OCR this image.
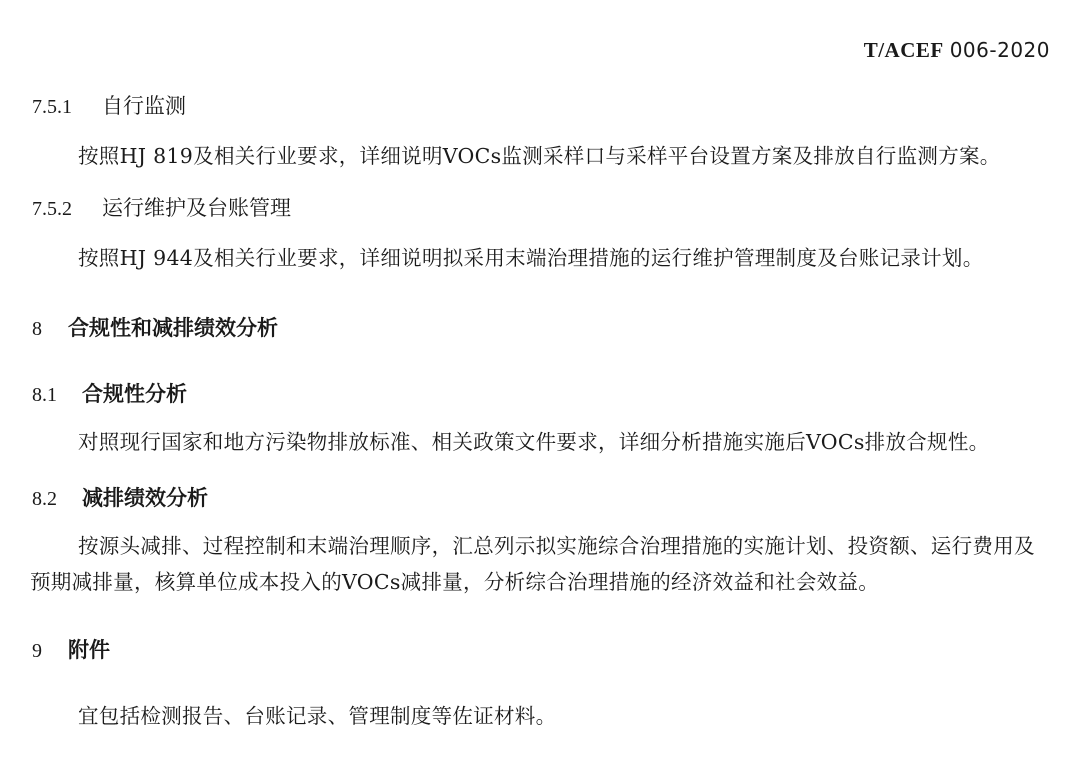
T/ACEF 006-2020
7.5.1	自行监测
按照HJ 819及相关行业要求，详细说明VOCs监测采样口与采样平台设置方案及排放自行监测方案。
7.5.2	运行维护及台账管理
按照HJ 944及相关行业要求，详细说明拟采用末端治理措施的运行维护管理制度及台账记录计划。
8	合规性和减排绩效分析
8.1	合规性分析
对照现行国家和地方污染物排放标准、相关政策文件要求，详细分析措施实施后VOCs排放合规性。
8.2	减排绩效分析
按源头减排、过程控制和末端治理顺序，汇总列示拟实施综合治理措施的实施计划、投资额、运行费用及预期减排量，核算单位成本投入的VOCs减排量，分析综合治理措施的经济效益和社会效益。
9	附件
宜包括检测报告、台账记录、管理制度等佐证材料。
